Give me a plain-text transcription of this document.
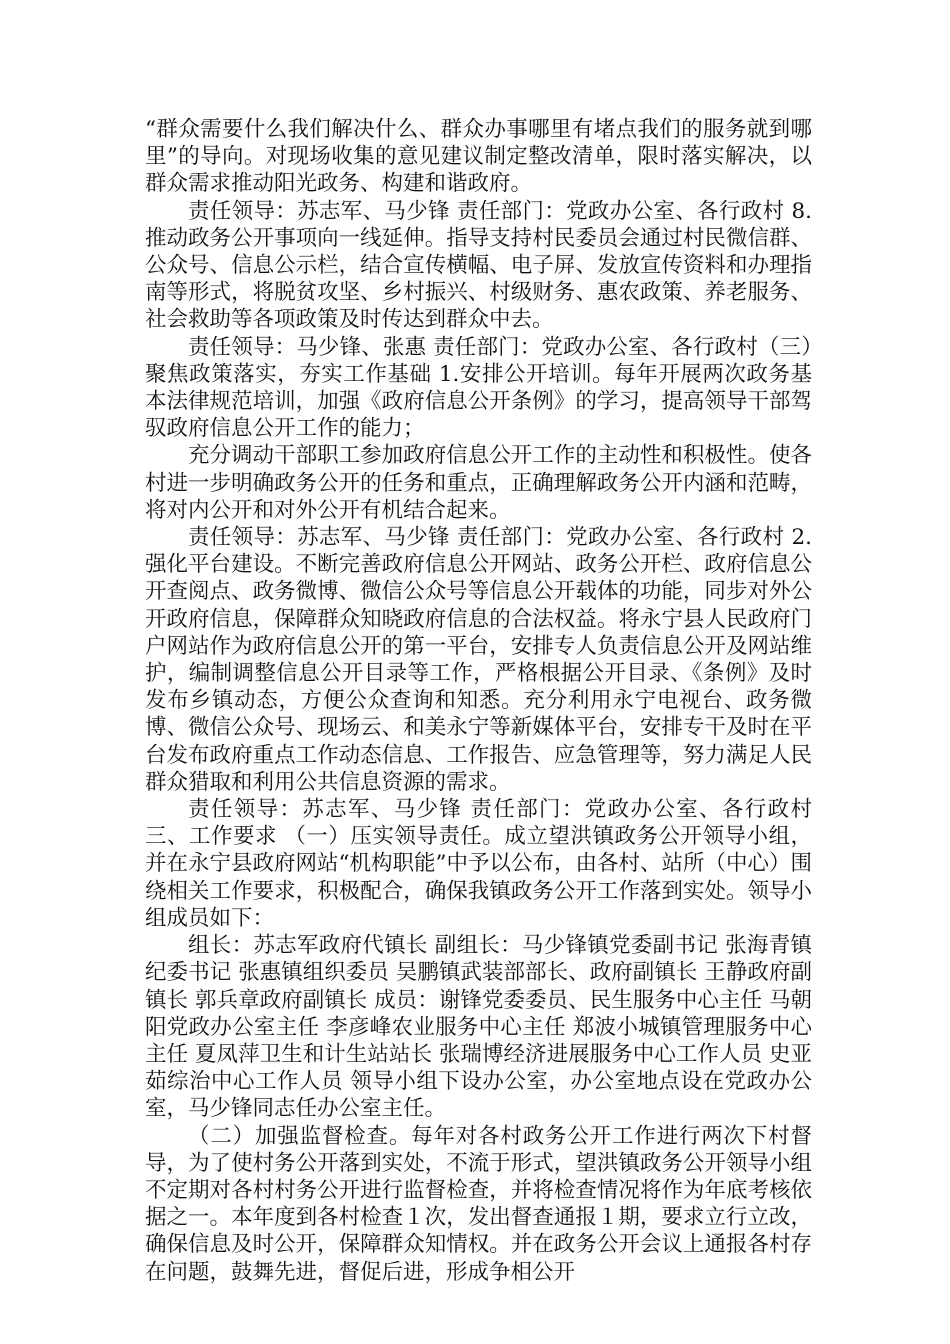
“群众需要什么我们解决什么、群众办事哪里有堵点我们的服务就到哪里”的导向。对现场收集的意见建议制定整改清单，限时落实解决，以群众需求推动阳光政务、构建和谐政府。

责任领导：苏志军、马少锋 责任部门：党政办公室、各行政村 8.推动政务公开事项向一线延伸。指导支持村民委员会通过村民微信群、公众号、信息公示栏，结合宣传横幅、电子屏、发放宣传资料和办理指南等形式，将脱贫攻坚、乡村振兴、村级财务、惠农政策、养老服务、社会救助等各项政策及时传达到群众中去。

责任领导：马少锋、张惠 责任部门：党政办公室、各行政村（三）聚焦政策落实，夯实工作基础 1.安排公开培训。每年开展两次政务基本法律规范培训，加强《政府信息公开条例》的学习，提高领导干部驾驭政府信息公开工作的能力；

充分调动干部职工参加政府信息公开工作的主动性和积极性。使各村进一步明确政务公开的任务和重点，正确理解政务公开内涵和范畴，将对内公开和对外公开有机结合起来。

责任领导：苏志军、马少锋 责任部门：党政办公室、各行政村 2.强化平台建设。不断完善政府信息公开网站、政务公开栏、政府信息公开查阅点、政务微博、微信公众号等信息公开载体的功能，同步对外公开政府信息，保障群众知晓政府信息的合法权益。将永宁县人民政府门户网站作为政府信息公开的第一平台，安排专人负责信息公开及网站维护，编制调整信息公开目录等工作，严格根据公开目录、《条例》及时发布乡镇动态，方便公众查询和知悉。充分利用永宁电视台、政务微博、微信公众号、现场云、和美永宁等新媒体平台，安排专干及时在平台发布政府重点工作动态信息、工作报告、应急管理等，努力满足人民群众猎取和利用公共信息资源的需求。

责任领导：苏志军、马少锋 责任部门：党政办公室、各行政村 三、工作要求 （一）压实领导责任。成立望洪镇政务公开领导小组，并在永宁县政府网站“机构职能”中予以公布，由各村、站所（中心）围绕相关工作要求，积极配合，确保我镇政务公开工作落到实处。领导小组成员如下：

组长：苏志军政府代镇长 副组长：马少锋镇党委副书记 张海青镇纪委书记 张惠镇组织委员 吴鹏镇武装部部长、政府副镇长 王静政府副镇长 郭兵章政府副镇长 成员：谢锋党委委员、民生服务中心主任 马朝阳党政办公室主任 李彦峰农业服务中心主任 郑波小城镇管理服务中心主任 夏凤萍卫生和计生站站长 张瑞博经济进展服务中心工作人员 史亚茹综治中心工作人员 领导小组下设办公室，办公室地点设在党政办公室，马少锋同志任办公室主任。

（二）加强监督检查。每年对各村政务公开工作进行两次下村督导，为了使村务公开落到实处，不流于形式，望洪镇政务公开领导小组不定期对各村村务公开进行监督检查，并将检查情况将作为年底考核依据之一。本年度到各村检查１次，发出督查通报１期，要求立行立改，确保信息及时公开，保障群众知情权。并在政务公开会议上通报各村存在问题，鼓舞先进，督促后进，形成争相公开
